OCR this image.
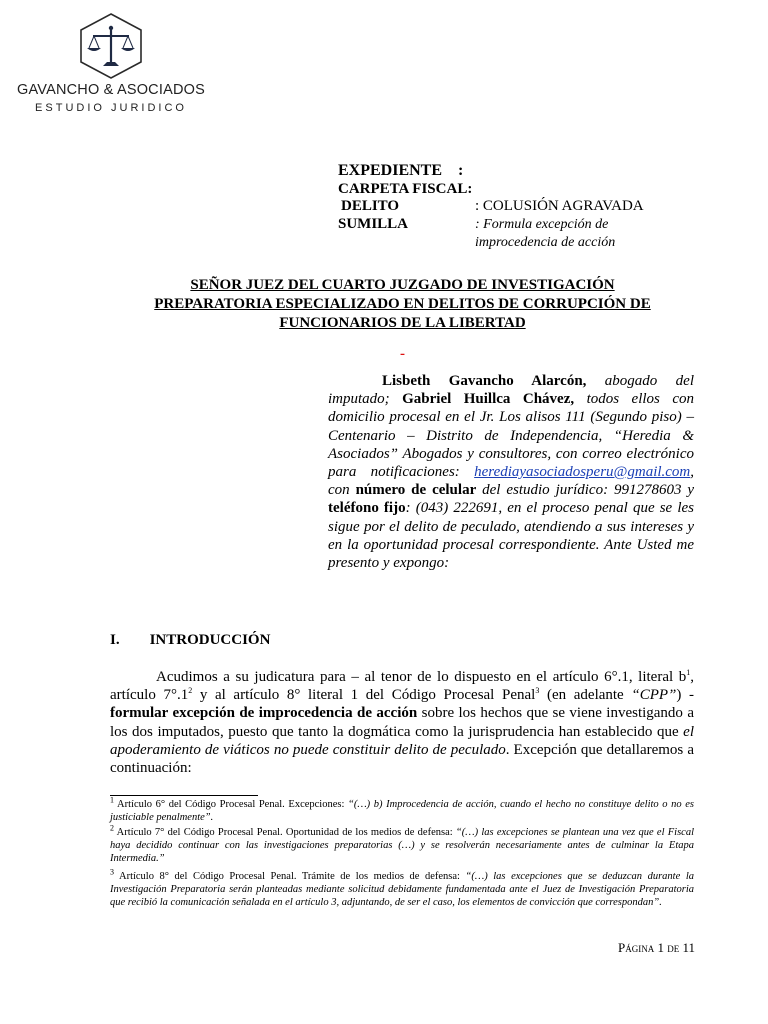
GAVANCHO & ASOCIADOS
ESTUDIO JURIDICO
EXPEDIENTE :
CARPETA FISCAL:
DELITO	: COLUSIÓN AGRAVADA
SUMILLA	: Formula excepción de
improcedencia de acción
SEÑOR JUEZ DEL CUARTO JUZGADO DE INVESTIGACIÓN
PREPARATORIA ESPECIALIZADO EN DELITOS DE CORRUPCIÓN DE
FUNCIONARIOS DE LA LIBERTAD
-
Lisbeth Gavancho Alarcón, abogado del imputado; Gabriel Huillca Chávez, todos ellos con domicilio procesal en el Jr. Los alisos 111 (Segundo piso) – Centenario – Distrito de Independencia, “Heredia & Asociados” Abogados y consultores, con correo electrónico para notificaciones: herediayasociadosperu@gmail.com, con número de celular del estudio jurídico: 991278603 y teléfono fijo: (043) 222691, en el proceso penal que se les sigue por el delito de peculado, atendiendo a sus intereses y en la oportunidad procesal correspondiente. Ante Usted me presento y expongo:
I. INTRODUCCIÓN
Acudimos a su judicatura para – al tenor de lo dispuesto en el artículo 6°.1, literal $b^1$, artículo $7^\circ.1^2$ y al artículo 8° literal 1 del Código Procesal Penal$^3$ (en adelante “CPP”) - formular excepción de improcedencia de acción sobre los hechos que se viene investigando a los dos imputados, puesto que tanto la dogmática como la jurisprudencia han establecido que el apoderamiento de viáticos no puede constituir delito de peculado. Excepción que detallaremos a continuación:
$^1$ Artículo 6° del Código Procesal Penal. Excepciones: “(…) b) Improcedencia de acción, cuando el hecho no constituye delito o no es justiciable penalmente”.
$^2$ Artículo 7° del Código Procesal Penal. Oportunidad de los medios de defensa: “(…) las excepciones se plantean una vez que el Fiscal haya decidido continuar con las investigaciones preparatorias (…) y se resolverán necesariamente antes de culminar la Etapa Intermedia.”
$^3$ Artículo 8° del Código Procesal Penal. Trámite de los medios de defensa: “(…) las excepciones que se deduzcan durante la Investigación Preparatoria serán planteadas mediante solicitud debidamente fundamentada ante el Juez de Investigación Preparatoria que recibió la comunicación señalada en el artículo 3, adjuntando, de ser el caso, los elementos de convicción que correspondan”.
Página 1 de 11
